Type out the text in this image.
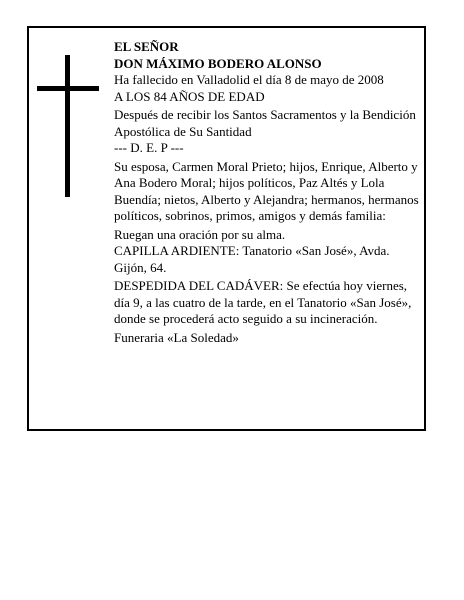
EL SEÑOR

DON MÁXIMO BODERO ALONSO

Ha fallecido en Valladolid el día 8 de mayo de 2008

A LOS 84 AÑOS DE EDAD

Después de recibir los Santos Sacramentos y la Bendición Apostólica de Su Santidad

--- D. E. P ---

Su esposa, Carmen Moral Prieto; hijos, Enrique, Alberto y Ana Bodero Moral; hijos políticos, Paz Altés y Lola Buendía; nietos, Alberto y Alejandra; hermanos, hermanos políticos, sobrinos, primos, amigos y demás familia:

Ruegan una oración por su alma.

CAPILLA ARDIENTE: Tanatorio «San José», Avda. Gijón, 64.

DESPEDIDA DEL CADÁVER: Se efectúa hoy viernes, día 9, a las cuatro de la tarde, en el Tanatorio «San José», donde se procederá acto seguido a su incineración.

Funeraria «La Soledad»
